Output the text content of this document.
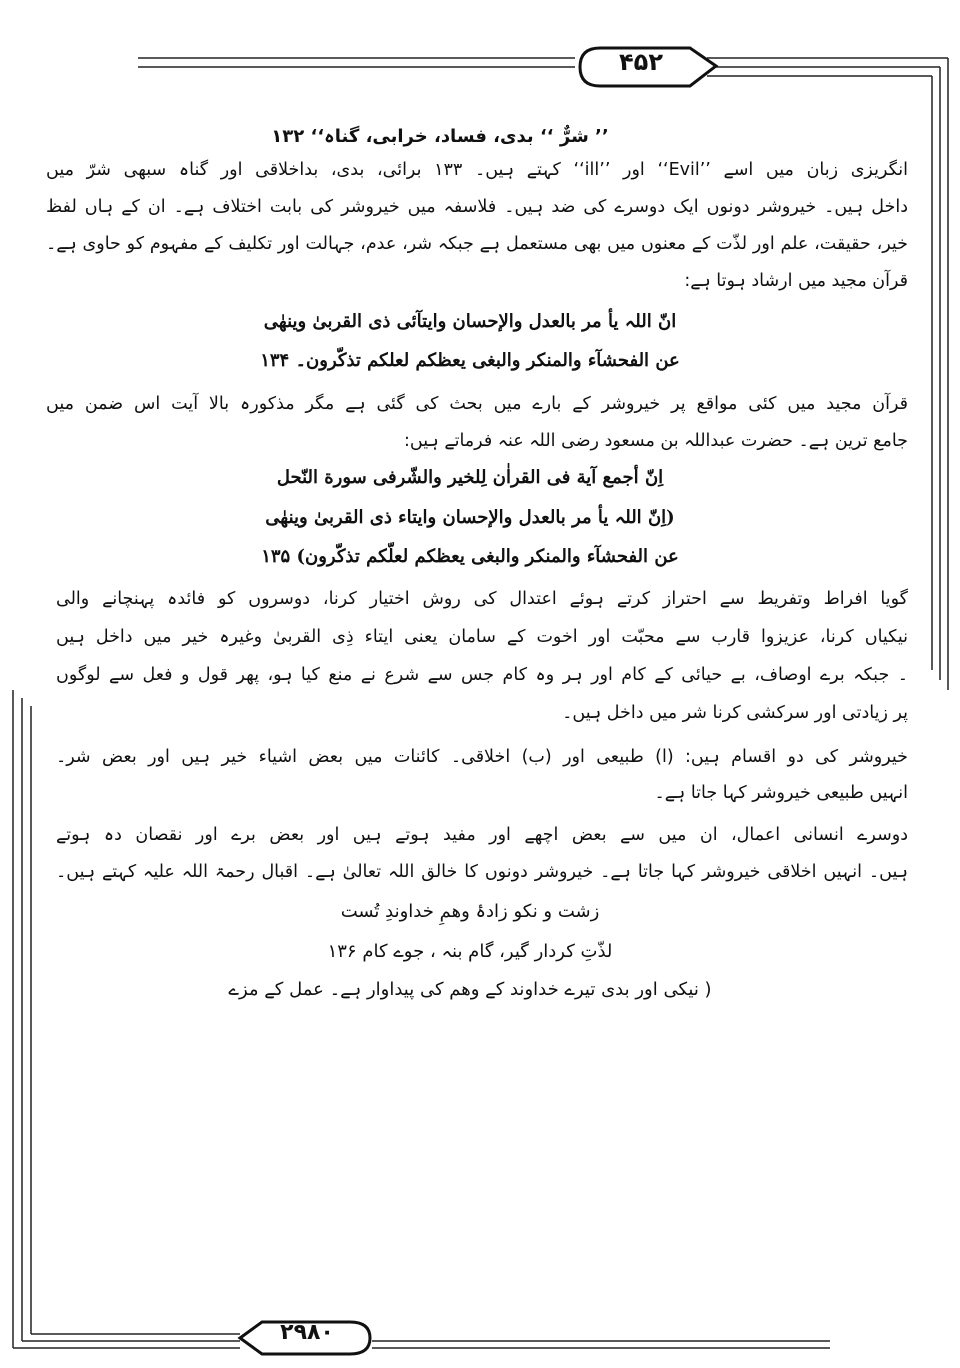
۴۵۲
۲۹۸۰
’’ شرٌّ ‘‘ بدی، فساد، خرابی، گناہ‘‘ ۱۳۲
انگریزی زبان میں اسے ’’Evil‘‘ اور ’’ill‘‘ کہتے ہیں۔ ۱۳۳ برائی، بدی، بداخلاقی اور گناہ سبھی شرّ میں
داخل ہیں۔ خیروشر دونوں ایک دوسرے کی ضد ہیں۔ فلاسفہ میں خیروشر کی بابت اختلاف ہے۔ ان کے ہاں لفظ
خیر، حقیقت، علم اور لذّت کے معنوں میں بھی مستعمل ہے جبکہ شر، عدم، جہالت اور تکلیف کے مفہوم کو حاوی ہے۔
قرآن مجید میں ارشاد ہوتا ہے:
انّ اللہ یأ مر بالعدل والإحسان وایتآئی ذی القربیٰ وینھٰی
عن الفحشآء والمنکر والبغی یعظکم لعلکم تذکّرون۔ ۱۳۴
قرآن مجید میں کئی مواقع پر خیروشر کے بارے میں بحث کی گئی ہے مگر مذکورہ بالا آیت اس ضمن میں
جامع ترین ہے۔ حضرت عبداللہ بن مسعود رضی اللہ عنہ فرماتے ہیں:
اِنّ أجمع آیة فی القراٰن لِلخیر والشّرفی سورة النّحل
(اِنّ اللہ یأ مر بالعدل والإحسان وایتاء ذی القربیٰ وینھٰی
عن الفحشآء والمنکر والبغی یعظکم لعلّکم تذکّرون) ۱۳۵
گویا افراط وتفریط سے احتراز کرتے ہوئے اعتدال کی روش اختیار کرنا، دوسروں کو فائدہ پہنچانے والی
نیکیاں کرنا، عزیزوا قارب سے محبّت اور اخوت کے سامان یعنی ایتاء ذِی القربیٰ وغیرہ خیر میں داخل ہیں
۔ جبکہ برے اوصاف، بے حیائی کے کام اور ہر وہ کام جس سے شرع نے منع کیا ہو، پھر قول و فعل سے لوگوں
پر زیادتی اور سرکشی کرنا شر میں داخل ہیں۔
خیروشر کی دو اقسام ہیں: (ا) طبیعی اور (ب) اخلاقی۔ کائنات میں بعض اشیاء خیر ہیں اور بعض شر۔
انہیں طبیعی خیروشر کہا جاتا ہے۔
دوسرے انسانی اعمال، ان میں سے بعض اچھے اور مفید ہوتے ہیں اور بعض برے اور نقصان دہ ہوتے
ہیں۔ انہیں اخلاقی خیروشر کہا جاتا ہے۔ خیروشر دونوں کا خالق اللہ تعالیٰ ہے۔ اقبال رحمۃ اللہ علیہ کہتے ہیں۔
زشت و نکو زادۂ وھمِ خداوندِ تُست
لذّتِ کردار گیر، گام بنہ ، جوے کام ۱۳۶
( نیکی اور بدی تیرے خداوند کے وھم کی پیداوار ہے۔ عمل کے مزے
